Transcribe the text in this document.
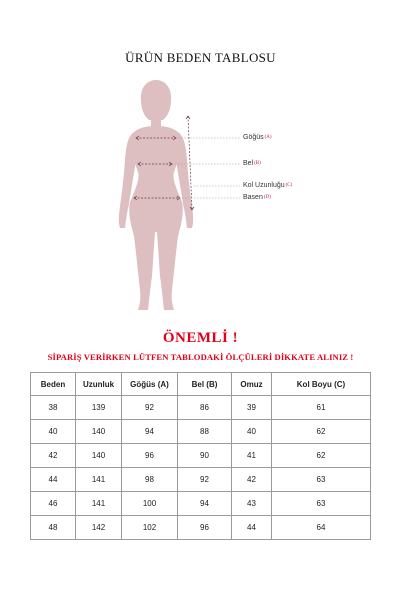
ÜRÜN BEDEN TABLOSU
Göğüs(A)
Bel(B)
Kol Uzunluğu(C)
Basen(D)
ÖNEMLİ !
SİPARİŞ VERİRKEN LÜTFEN TABLODAKİ ÖLÇÜLERİ DİKKATE ALINIZ !
Beden	Uzunluk	Göğüs (A)	Bel (B)	Omuz	Kol Boyu (C)
38	139	92	86	39	61
40	140	94	88	40	62
42	140	96	90	41	62
44	141	98	92	42	63
46	141	100	94	43	63
48	142	102	96	44	64
